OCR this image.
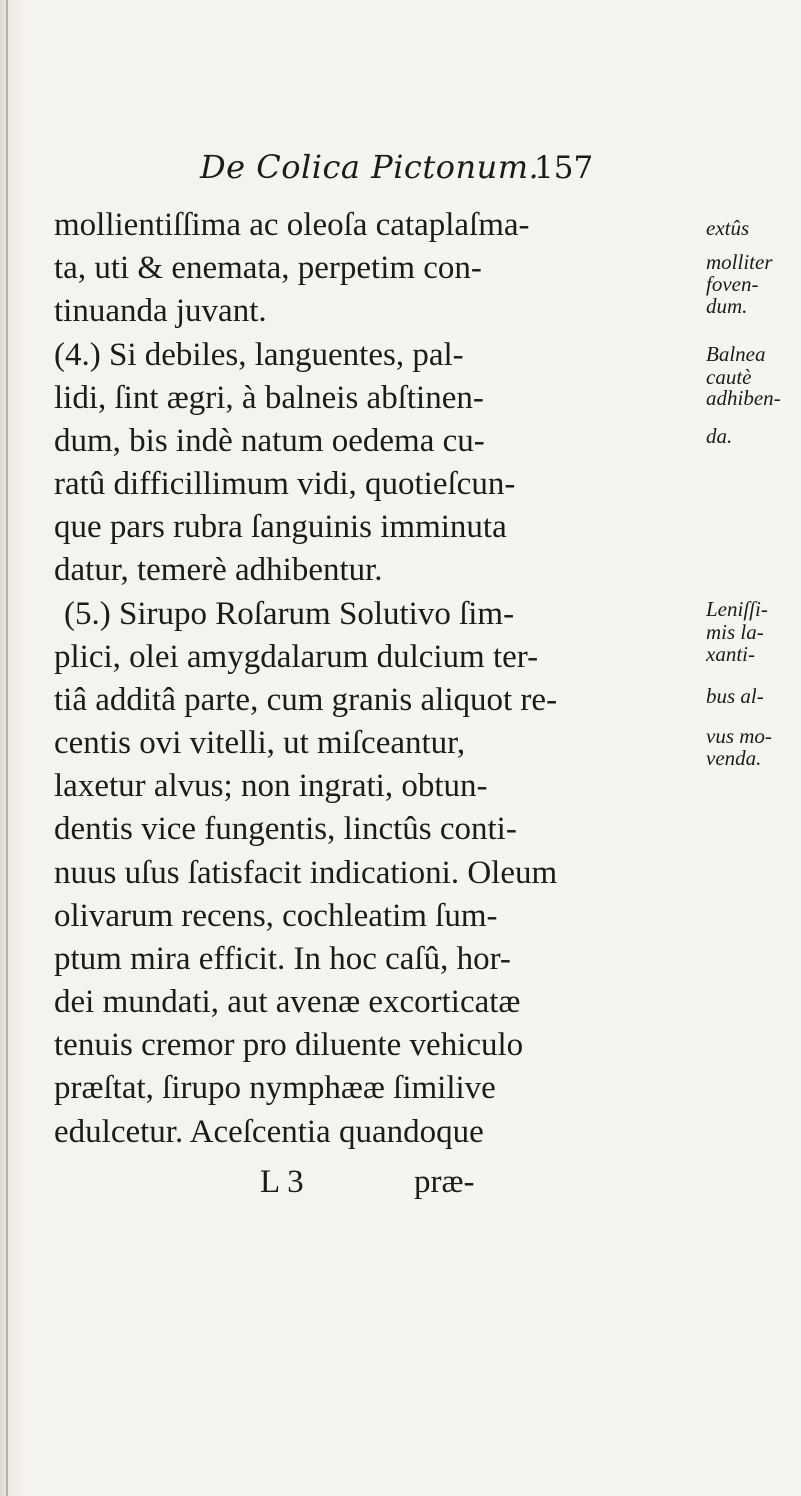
De Colica Pictonum.
157
mollientiſſima ac oleoſa cataplaſma-
ta, uti & enemata, perpetim con-
tinuanda juvant.
(4.) Si debiles, languentes, pal-
lidi, ſint ægri, à balneis abſtinen-
dum, bis indè natum oedema cu-
ratû difficillimum vidi, quotieſcun-
que pars rubra ſanguinis imminuta
datur, temerè adhibentur.
(5.) Sirupo Roſarum Solutivo ſim-
plici, olei amygdalarum dulcium ter-
tiâ additâ parte, cum granis aliquot re-
centis ovi vitelli, ut miſceantur,
laxetur alvus; non ingrati, obtun-
dentis vice fungentis, linctûs conti-
nuus uſus ſatisfacit indicationi. Oleum
olivarum recens, cochleatim ſum-
ptum mira efficit. In hoc caſû, hor-
dei mundati, aut avenæ excorticatæ
tenuis cremor pro diluente vehiculo
præſtat, ſirupo nymphææ ſimilive
edulcetur. Aceſcentia quandoque
extûs
molliter
foven-
dum.
Balnea
cautè
adhiben-
da.
Leniſſi-
mis la-
xanti-
bus al-
vus mo-
venda.
L 3	præ-
